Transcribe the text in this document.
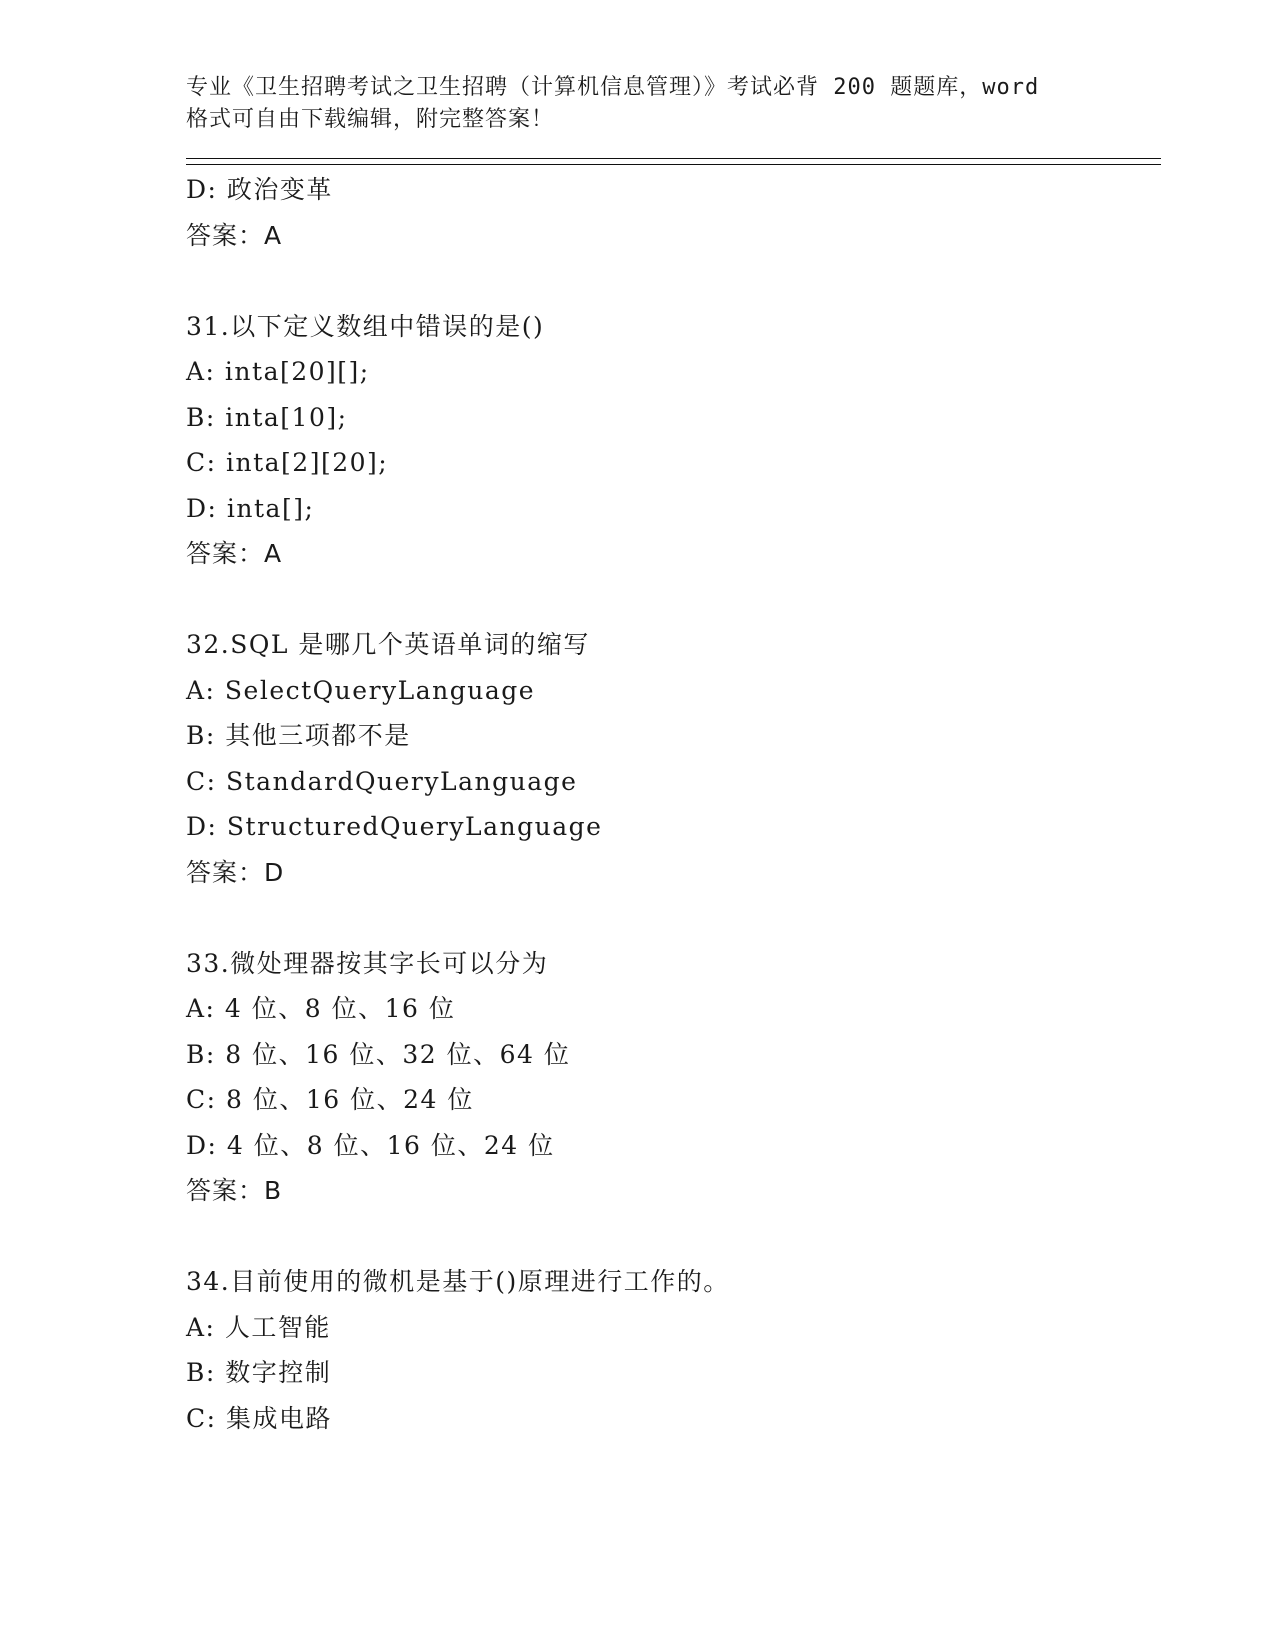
专业《卫生招聘考试之卫生招聘（计算机信息管理）》考试必背 200 题题库，word

格式可自由下载编辑，附完整答案！

D: 政治变革
答案：A
31.以下定义数组中错误的是()
A: inta[20][];
B: inta[10];
C: inta[2][20];
D: inta[];
答案：A
32.SQL 是哪几个英语单词的缩写
A: SelectQueryLanguage
B: 其他三项都不是
C: StandardQueryLanguage
D: StructuredQueryLanguage
答案：D
33.微处理器按其字长可以分为
A: 4 位、8 位、16 位
B: 8 位、16 位、32 位、64 位
C: 8 位、16 位、24 位
D: 4 位、8 位、16 位、24 位
答案：B
34.目前使用的微机是基于()原理进行工作的。
A: 人工智能
B: 数字控制
C: 集成电路
